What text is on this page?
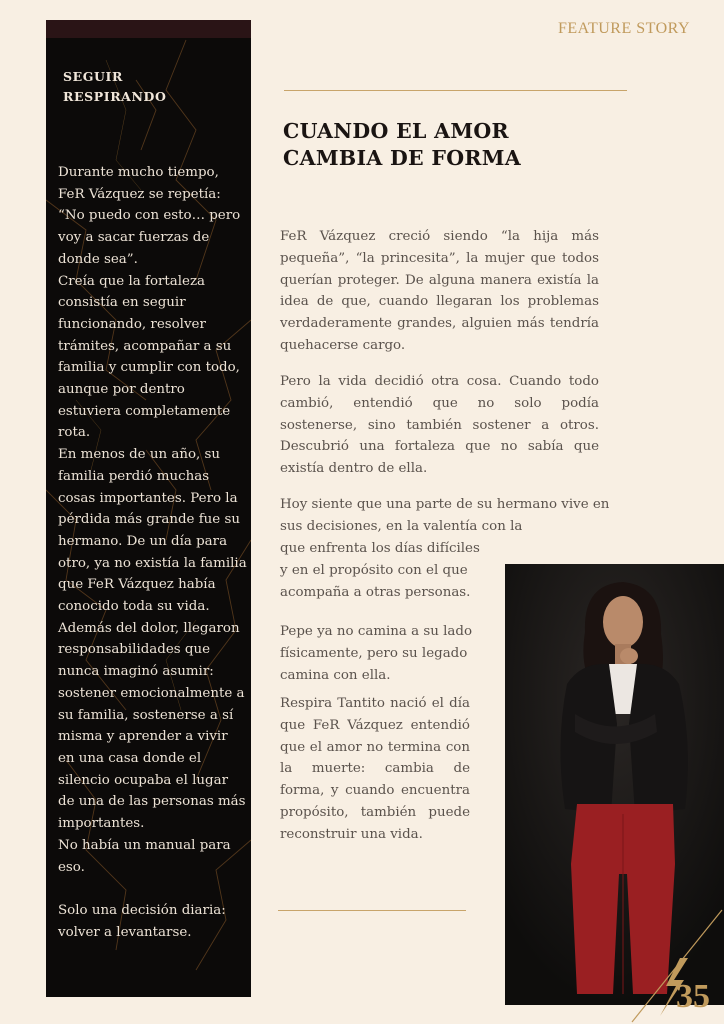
FEATURE STORY
SEGUIR
RESPIRANDO

Durante mucho tiempo, FeR Vázquez se repetía: “No puedo con esto… pero voy a sacar fuerzas de donde sea”.

Creía que la fortaleza consistía en seguir funcionando, resolver trámites, acompañar a su familia y cumplir con todo, aunque por dentro estuviera completamente rota.

En menos de un año, su familia perdió muchas cosas importantes. Pero la pérdida más grande fue su hermano. De un día para otro, ya no existía la familia que FeR Vázquez había conocido toda su vida.

Además del dolor, llegaron responsabilidades que nunca imaginó asumir: sostener emocionalmente a su familia, sostenerse a sí misma y aprender a vivir en una casa donde el silencio ocupaba el lugar de una de las personas más importantes.

No había un manual para eso.

Solo una decisión diaria: volver a levantarse.

CUANDO EL AMOR
CAMBIA DE FORMA

FeR Vázquez creció siendo “la hija más pequeña”, “la princesita”, la mujer que todos querían proteger. De alguna manera existía la idea de que, cuando llegaran los problemas verdaderamente grandes, alguien más tendría quehacerse cargo.

Pero la vida decidió otra cosa. Cuando todo cambió, entendió que no solo podía sostenerse, sino también sostener a otros. Descubrió una fortaleza que no sabía que existía dentro de ella.

Hoy siente que una parte de su hermano vive en sus decisiones, en la valentía con la

que enfrenta los días difíciles y en el propósito con el que acompaña a otras personas.

Pepe ya no camina a su lado físicamente, pero su legado camina con ella.

Respira Tantito nació el día que FeR Vázquez entendió que el amor no termina con la muerte: cambia de forma, y cuando encuentra propósito, también puede reconstruir una vida.

35
